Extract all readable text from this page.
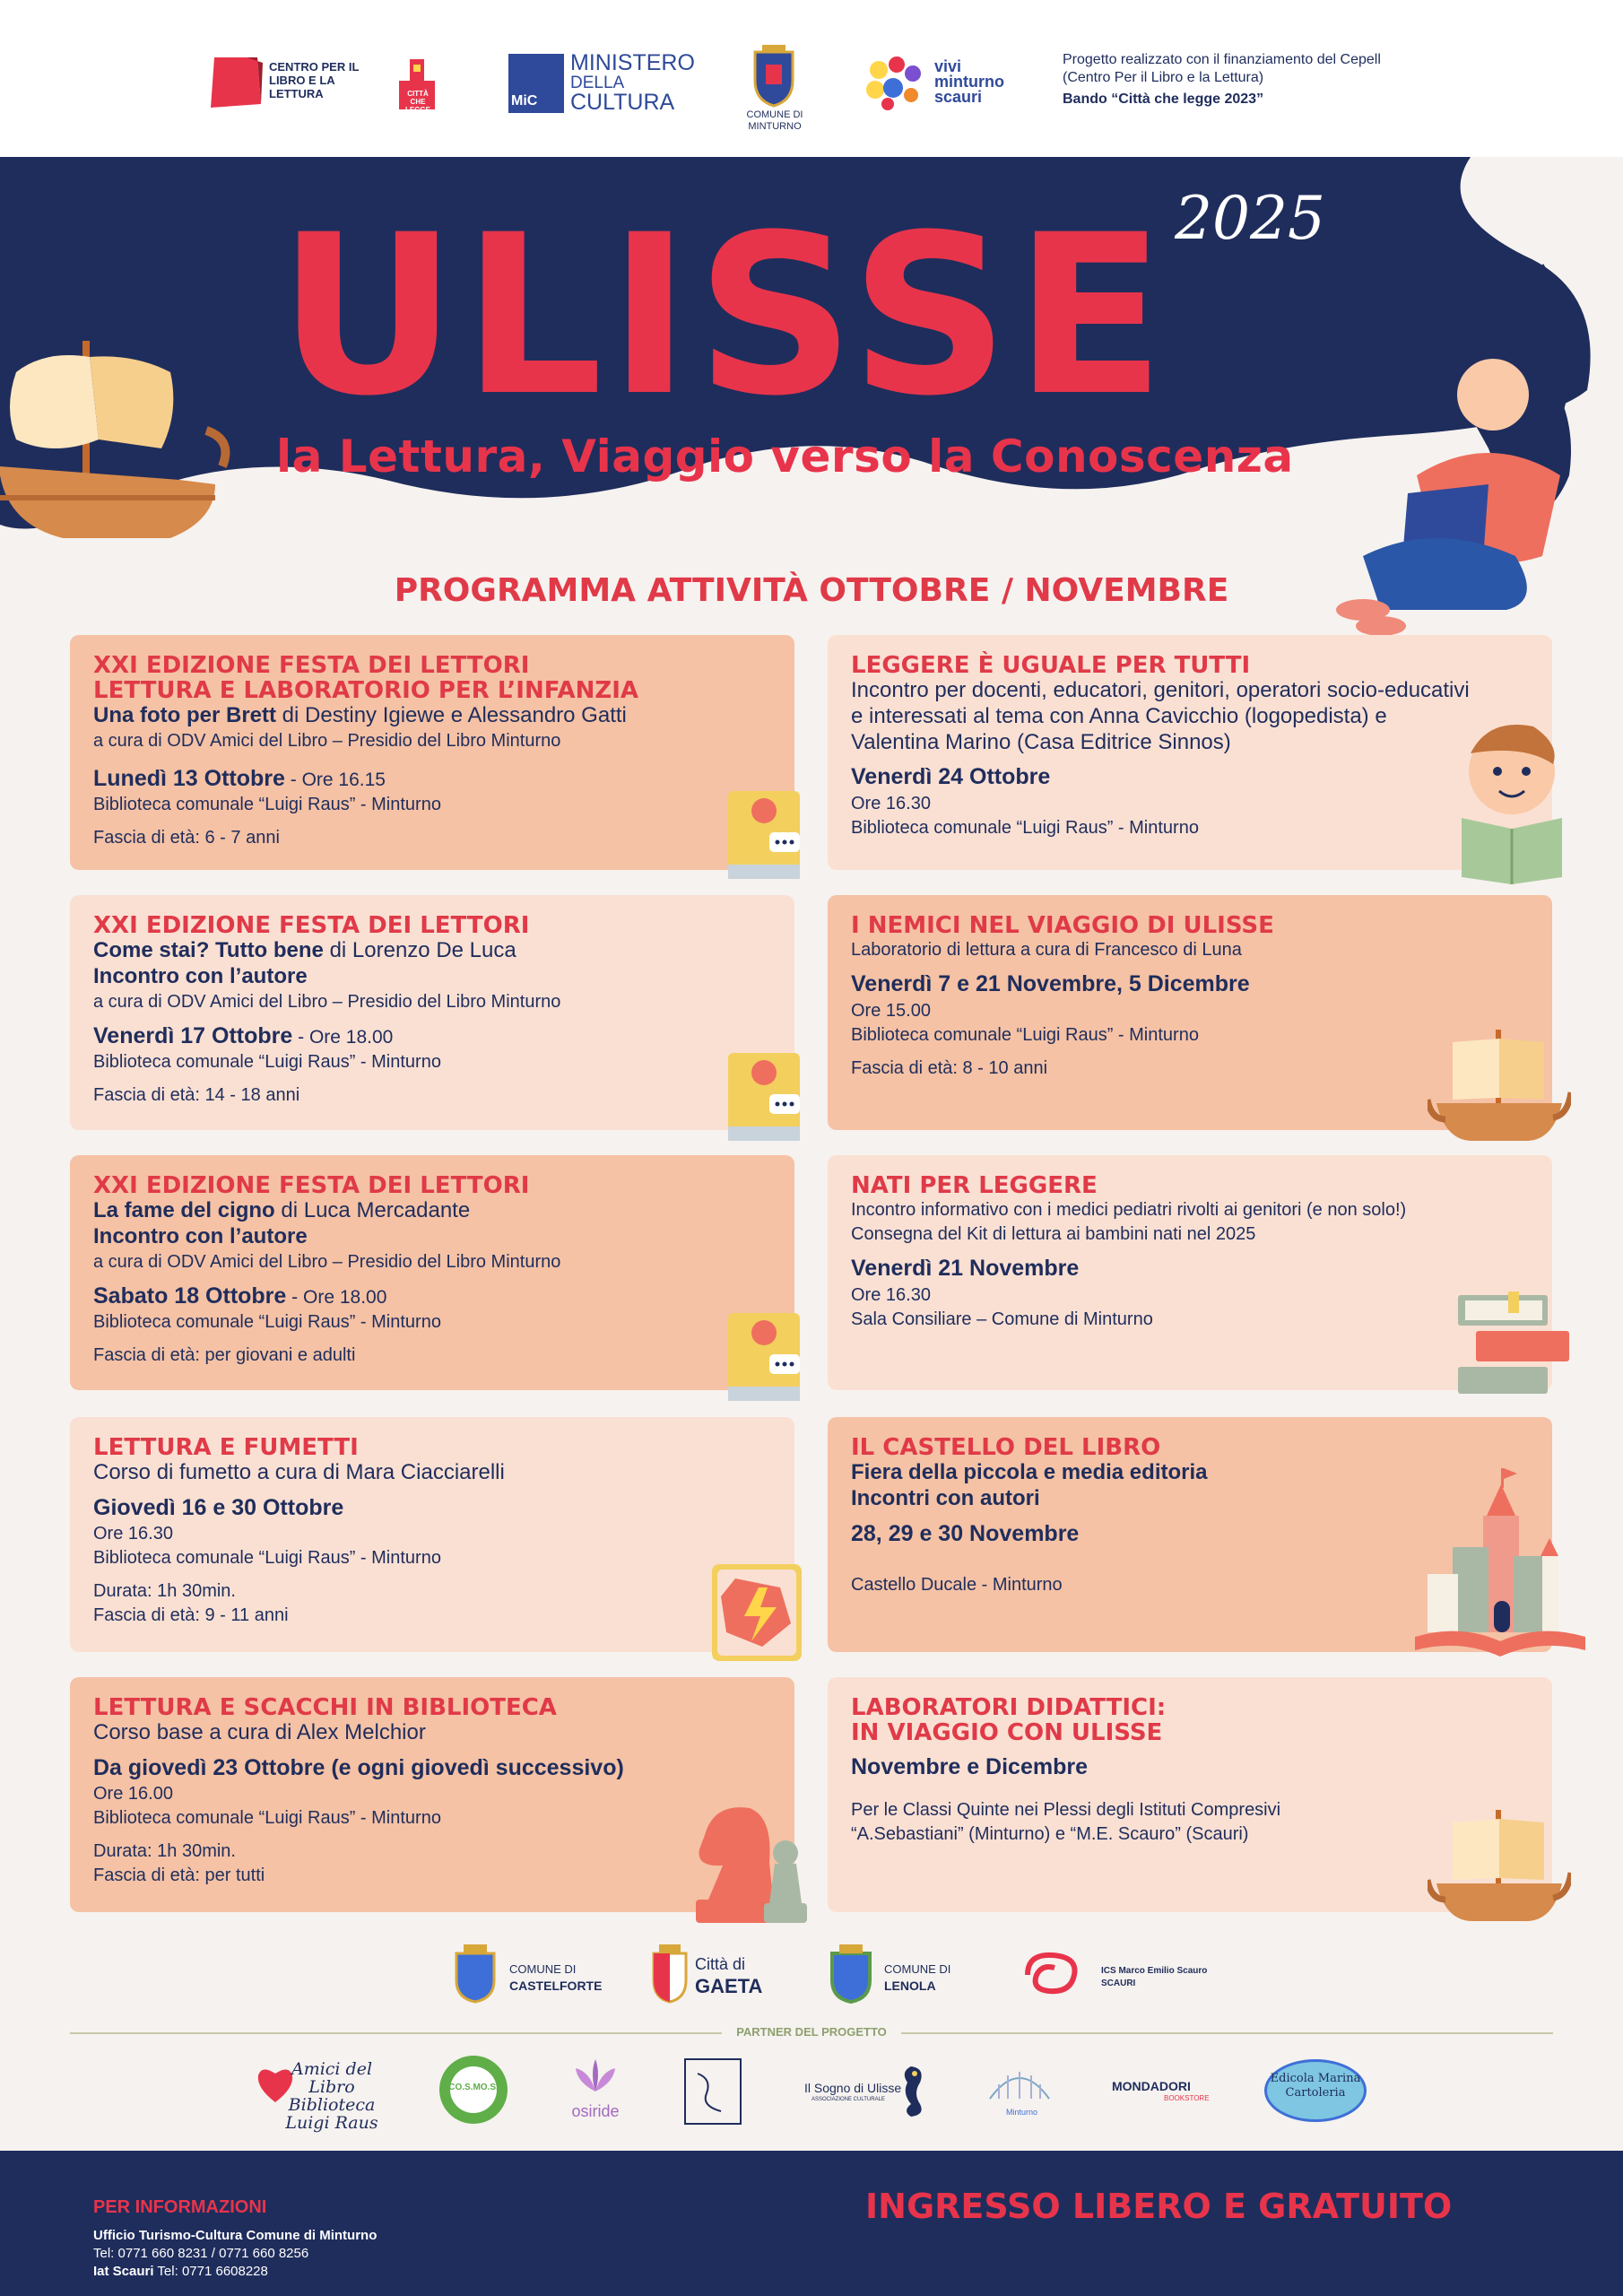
CENTRO PER IL LIBRO E LA LETTURA	CITTÀ CHE LEGGE
MiC
MINISTERO
DELLA
CULTURA	COMUNE DI MINTURNO
vivi
minturno
scauri
Progetto realizzato con il finanziamento del Cepell
(Centro Per il Libro e la Lettura)
Bando “Città che legge 2023”
ULISSE 2025
la Lettura, Viaggio verso la Conoscenza
PROGRAMMA ATTIVITÀ OTTOBRE / NOVEMBRE
XXI EDIZIONE FESTA DEI LETTORI
LETTURA E LABORATORIO PER L’INFANZIA
Una foto per Brett di Destiny Igiewe e Alessandro Gatti
a cura di ODV Amici del Libro – Presidio del Libro Minturno
Lunedì 13 Ottobre - Ore 16.15
Biblioteca comunale “Luigi Raus” - Minturno
Fascia di età: 6 - 7 anni
LEGGERE È UGUALE PER TUTTI
Incontro per docenti, educatori, genitori, operatori socio-educativi e interessati al tema con Anna Cavicchio (logopedista) e Valentina Marino (Casa Editrice Sinnos)
Venerdì 24 Ottobre
Ore 16.30
Biblioteca comunale “Luigi Raus” - Minturno
XXI EDIZIONE FESTA DEI LETTORI
Come stai? Tutto bene di Lorenzo De Luca
Incontro con l’autore
a cura di ODV Amici del Libro – Presidio del Libro Minturno
Venerdì 17 Ottobre - Ore 18.00
Biblioteca comunale “Luigi Raus” - Minturno
Fascia di età: 14 - 18 anni
I NEMICI NEL VIAGGIO DI ULISSE
Laboratorio di lettura a cura di Francesco di Luna
Venerdì 7 e 21 Novembre, 5 Dicembre
Ore 15.00
Biblioteca comunale “Luigi Raus” - Minturno
Fascia di età: 8 - 10 anni
XXI EDIZIONE FESTA DEI LETTORI
La fame del cigno di Luca Mercadante
Incontro con l’autore
a cura di ODV Amici del Libro – Presidio del Libro Minturno
Sabato 18 Ottobre - Ore 18.00
Biblioteca comunale “Luigi Raus” - Minturno
Fascia di età: per giovani e adulti
NATI PER LEGGERE
Incontro informativo con i medici pediatri rivolti ai genitori (e non solo!)
Consegna del Kit di lettura ai bambini nati nel 2025
Venerdì 21 Novembre
Ore 16.30
Sala Consiliare – Comune di Minturno
LETTURA E FUMETTI
Corso di fumetto a cura di Mara Ciacciarelli
Giovedì 16 e 30 Ottobre
Ore 16.30
Biblioteca comunale “Luigi Raus” - Minturno
Durata: 1h 30min.
Fascia di età: 9 - 11 anni
IL CASTELLO DEL LIBRO
Fiera della piccola e media editoria
Incontri con autori
28, 29 e 30 Novembre
Castello Ducale - Minturno
LETTURA E SCACCHI IN BIBLIOTECA
Corso base a cura di Alex Melchior
Da giovedì 23 Ottobre (e ogni giovedì successivo)
Ore 16.00
Biblioteca comunale “Luigi Raus” - Minturno
Durata: 1h 30min.
Fascia di età: per tutti
LABORATORI DIDATTICI:
IN VIAGGIO CON ULISSE
Novembre e Dicembre
Per le Classi Quinte nei Plessi degli Istituti Compresivi
“A.Sebastiani” (Minturno) e “M.E. Scauro” (Scauri)
COMUNE DI
CASTELFORTE
Città di
GAETA
COMUNE DI
LENOLA
ICS Marco Emilio Scauro
SCAURI
PARTNER DEL PROGETTO
Amici del Libro
Biblioteca
Luigi Raus
CO.S.MO.S.
osiride
Il Sogno di Ulisse
ASSOCIAZIONE CULTURALE
Minturno
MONDADORI
BOOKSTORE
Edicola Marina
Cartoleria
PER INFORMAZIONI
Ufficio Turismo-Cultura Comune di Minturno
Tel: 0771 660 8231 / 0771 660 8256
Iat Scauri Tel: 0771 6608228
INGRESSO LIBERO E GRATUITO
